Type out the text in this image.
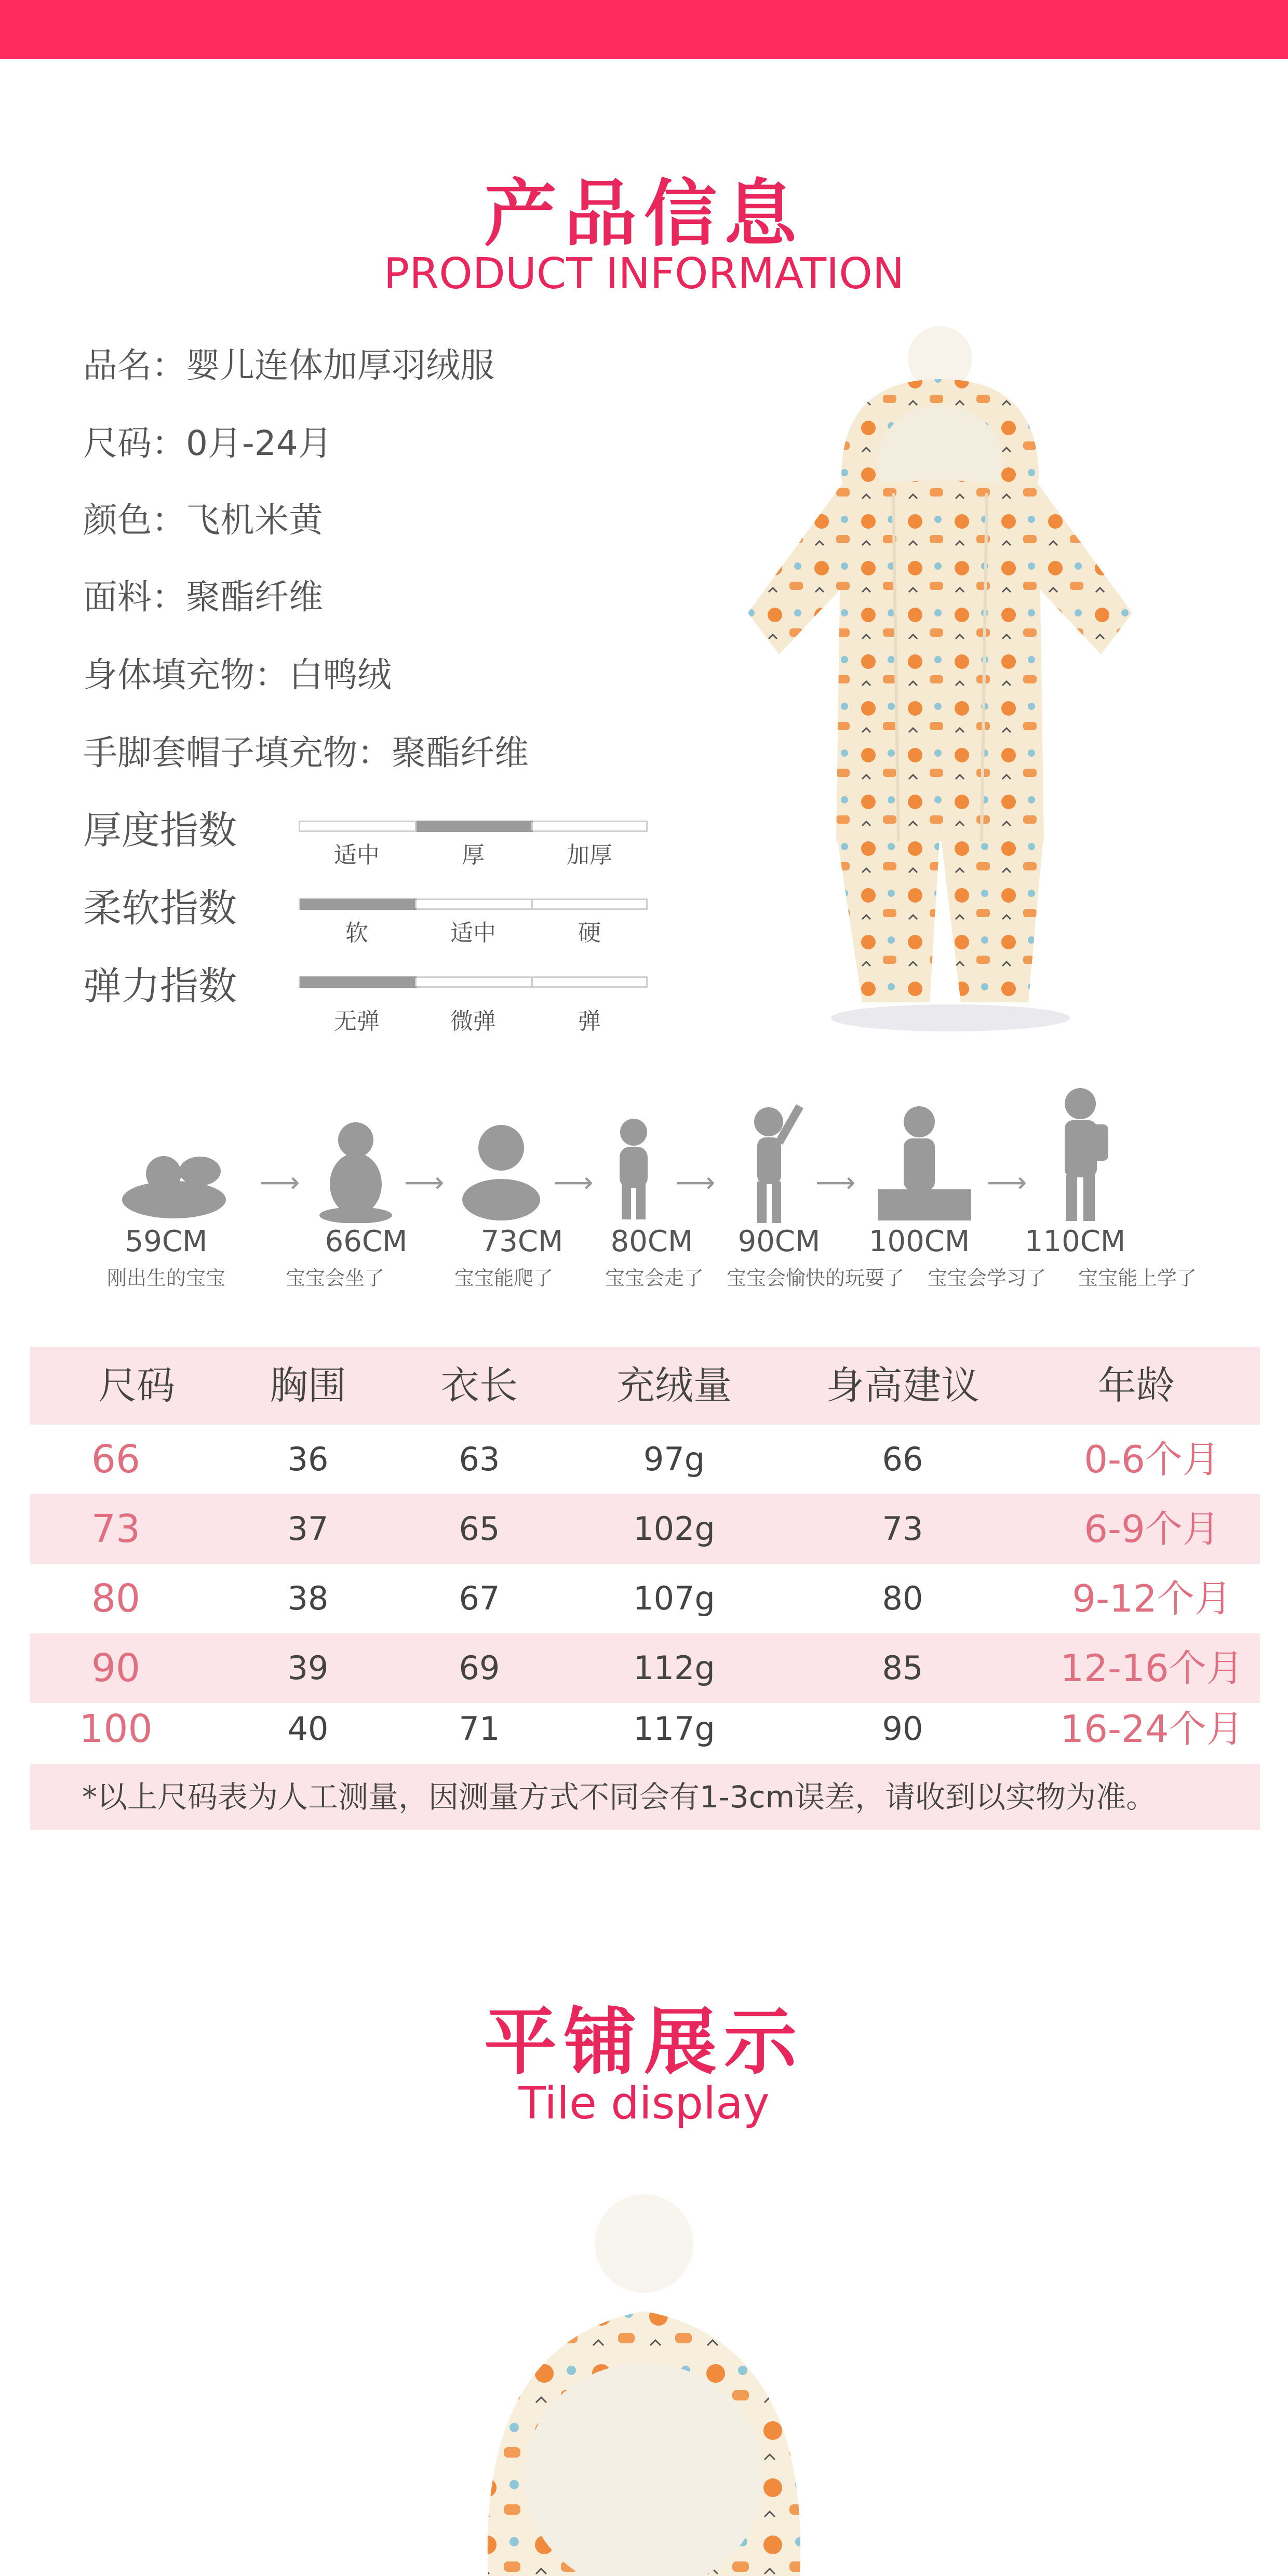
产品信息
PRODUCT INFORMATION
品名：婴儿连体加厚羽绒服
尺码：0月-24月
颜色：飞机米黄
面料：聚酯纤维
身体填充物：白鸭绒
手脚套帽子填充物：聚酯纤维
厚度指数
适中	厚	加厚
柔软指数
软	适中	硬
弹力指数
无弹	微弹	弹
⟶	⟶	⟶	⟶	⟶	⟶
59CM	66CM	73CM	80CM	90CM	100CM	110CM
刚出生的宝宝	宝宝会坐了	宝宝能爬了	宝宝会走了	宝宝会愉快的玩耍了	宝宝会学习了	宝宝能上学了
尺码	胸围	衣长	充绒量	身高建议	年龄
66	36	63	97g	66	0-6个月
73	37	65	102g	73	6-9个月
80	38	67	107g	80	9-12个月
90	39	69	112g	85	12-16个月
100	40	71	117g	90	16-24个月
*以上尺码表为人工测量，因测量方式不同会有1-3cm误差，请收到以实物为准。
平铺展示
Tile display
